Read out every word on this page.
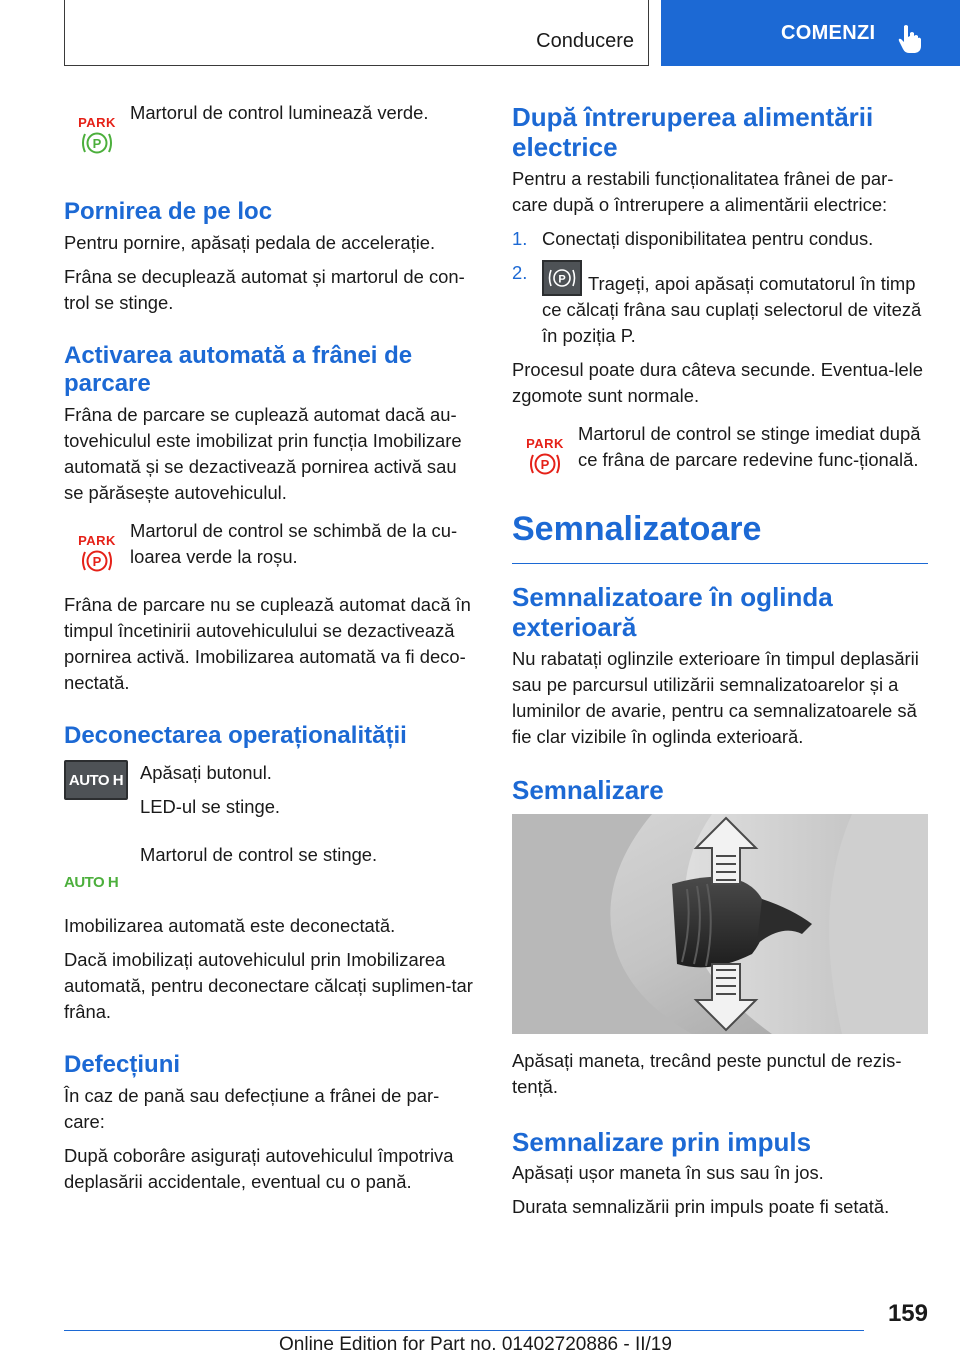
Conducere	COMENZI
PARK
P

Martorul de control luminează verde.

Pornirea de pe loc

Pentru pornire, apăsați pedala de accelerație.

Frâna se decuplează automat și martorul de con‐trol se stinge.

Activarea automată a frânei de parcare

Frâna de parcare se cuplează automat dacă au‐tovehiculul este imobilizat prin funcția Imobilizare automată și se dezactivează pornirea activă sau se părăsește autovehiculul.

PARK
P

Martorul de control se schimbă de la cu‐loarea verde la roșu.

Frâna de parcare nu se cuplează automat dacă în timpul încetinirii autovehiculului se dezactivează pornirea activă. Imobilizarea automată va fi deco‐nectată.

Deconectarea operaționalității
AUTO H Apăsați butonul.

LED-ul se stinge.

AUTO H

Martorul de control se stinge.

Imobilizarea automată este deconectată.

Dacă imobilizați autovehiculul prin Imobilizarea automată, pentru deconectare călcați suplimen‐tar frâna.

Defecțiuni

În caz de pană sau defecțiune a frânei de par‐care:

După coborâre asigurați autovehiculul împotriva deplasării accidentale, eventual cu o pană.

După întreruperea alimentării electrice

Pentru a restabili funcționalitatea frânei de par‐care după o întrerupere a alimentării electrice:

1. Conectați disponibilitatea pentru condus.
2.	P Trageți, apoi apăsați comutatorul în timp ce călcați frâna sau cuplați selectorul de viteză în poziția P.

Procesul poate dura câteva secunde. Eventua‐lele zgomote sunt normale.

PARK
P

Martorul de control se stinge imediat după ce frâna de parcare redevine func‐țională.

Semnalizatoare
Semnalizatoare în oglinda exterioară

Nu rabatați oglinzile exterioare în timpul deplasării sau pe parcursul utilizării semnalizatoarelor și a luminilor de avarie, pentru ca semnalizatoarele să fie clar vizibile în oglinda exterioară.

Semnalizare

Apăsați maneta, trecând peste punctul de rezis‐tență.

Semnalizare prin impuls

Apăsați ușor maneta în sus sau în jos.

Durata semnalizării prin impuls poate fi setată.

159
Online Edition for Part no. 01402720886 - II/19
